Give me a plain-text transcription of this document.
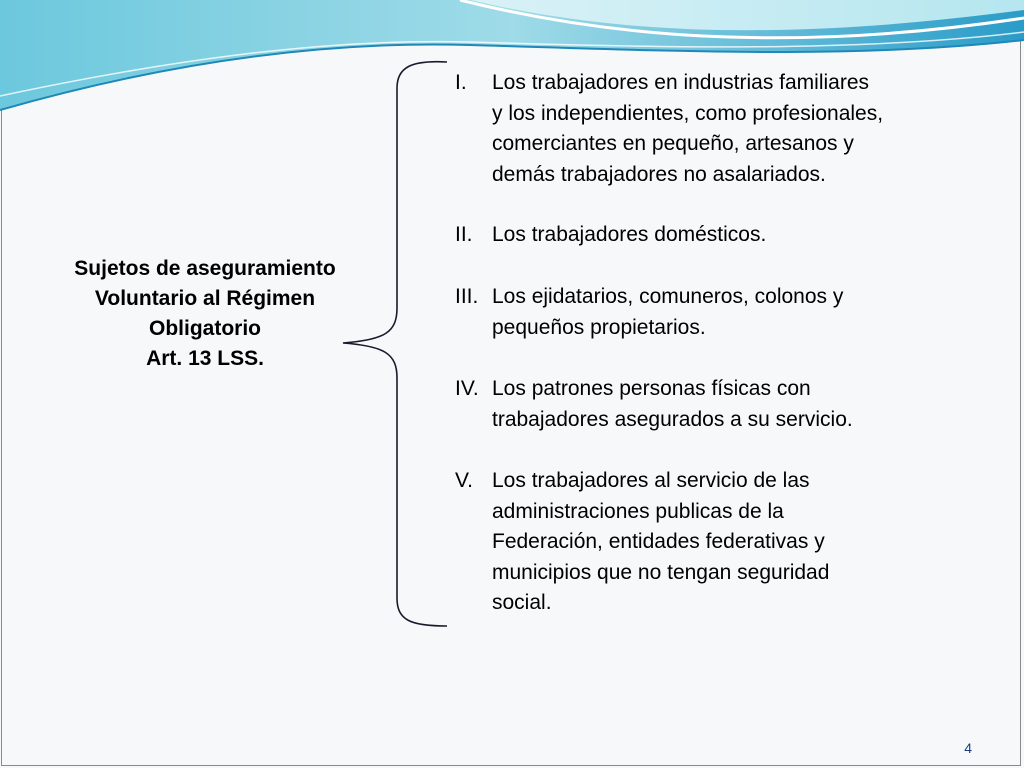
Sujetos de aseguramiento
Voluntario al Régimen
Obligatorio
Art. 13 LSS.
I. Los trabajadores en industrias familiares
y los independientes, como profesionales,
comerciantes en pequeño, artesanos y
demás trabajadores no asalariados.
II. Los trabajadores domésticos.
III. Los ejidatarios, comuneros, colonos y
pequeños propietarios.
IV. Los patrones personas físicas con
trabajadores asegurados a su servicio.
V. Los trabajadores al servicio de las
administraciones publicas de la
Federación, entidades federativas y
municipios que no tengan seguridad
social.
4
